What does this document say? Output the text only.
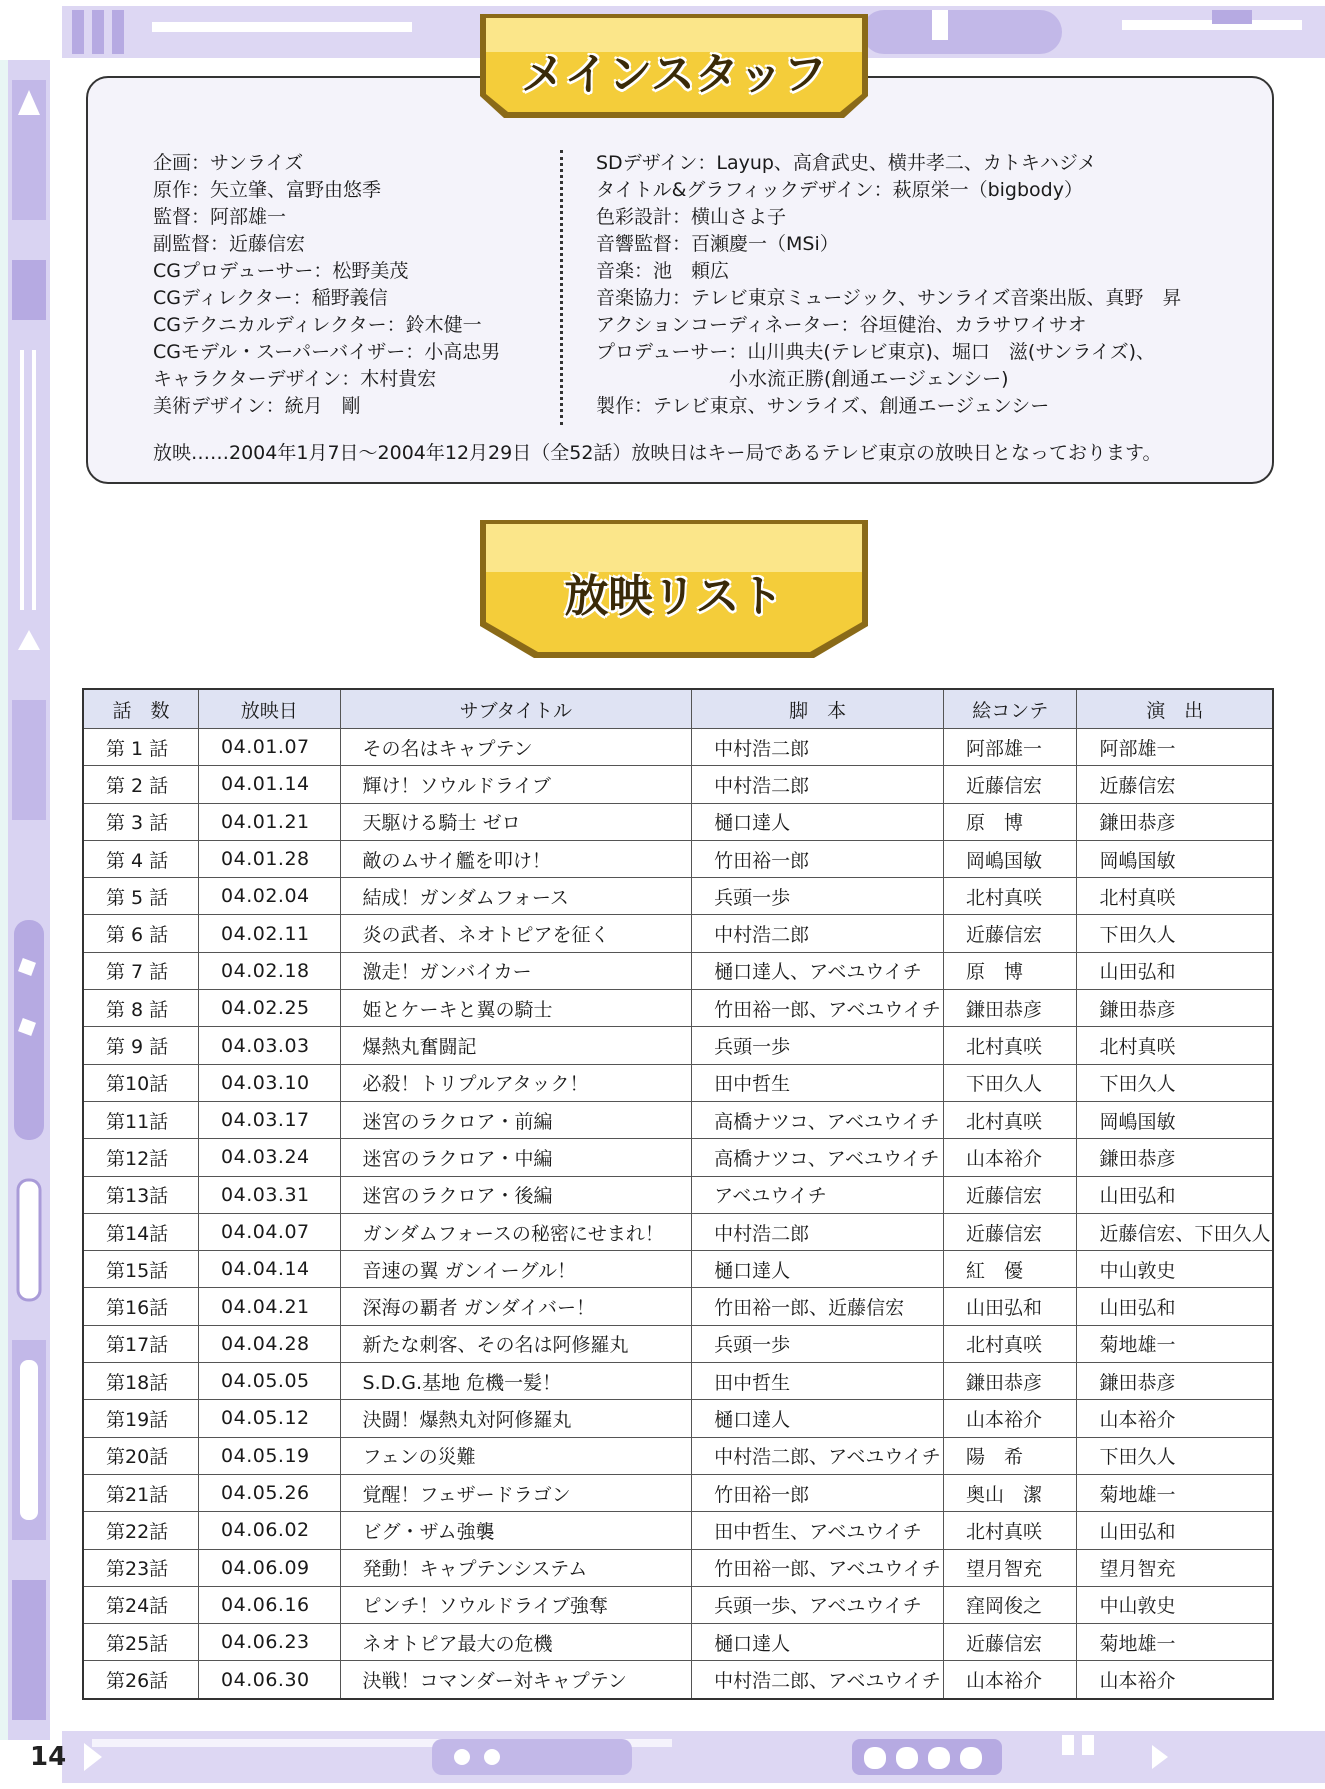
14
メインスタッフ
企画：サンライズ
原作：矢立肇、富野由悠季
監督：阿部雄一
副監督：近藤信宏
CGプロデューサー：松野美茂
CGディレクター：稲野義信
CGテクニカルディレクター：鈴木健一
CGモデル・スーパーバイザー：小高忠男
キャラクターデザイン：木村貴宏
美術デザイン：統月　剛
SDデザイン：Layup、高倉武史、横井孝二、カトキハジメ
タイトル&グラフィックデザイン：萩原栄一（bigbody）
色彩設計：横山さよ子
音響監督：百瀬慶一（MSi）
音楽：池　頼広
音楽協力：テレビ東京ミュージック、サンライズ音楽出版、真野　昇
アクションコーディネーター：谷垣健治、カラサワイサオ
プロデューサー：山川典夫(テレビ東京)、堀口　滋(サンライズ)、
　　　　　　　小水流正勝(創通エージェンシー)
製作：テレビ東京、サンライズ、創通エージェンシー
放映……2004年1月7日～2004年12月29日（全52話）放映日はキー局であるテレビ東京の放映日となっております。
放映リスト
話　数	放映日	サブタイトル	脚　本	絵コンテ	演　出
第 1 話	04.01.07	その名はキャプテン	中村浩二郎	阿部雄一	阿部雄一
第 2 話	04.01.14	輝け！ソウルドライブ	中村浩二郎	近藤信宏	近藤信宏
第 3 話	04.01.21	天駆ける騎士 ゼロ	樋口達人	原　博	鎌田恭彦
第 4 話	04.01.28	敵のムサイ艦を叩け！	竹田裕一郎	岡嶋国敏	岡嶋国敏
第 5 話	04.02.04	結成！ガンダムフォース	兵頭一歩	北村真咲	北村真咲
第 6 話	04.02.11	炎の武者、ネオトピアを征く	中村浩二郎	近藤信宏	下田久人
第 7 話	04.02.18	激走！ガンバイカー	樋口達人、アベユウイチ	原　博	山田弘和
第 8 話	04.02.25	姫とケーキと翼の騎士	竹田裕一郎、アベユウイチ	鎌田恭彦	鎌田恭彦
第 9 話	04.03.03	爆熱丸奮闘記	兵頭一歩	北村真咲	北村真咲
第10話	04.03.10	必殺！トリプルアタック！	田中哲生	下田久人	下田久人
第11話	04.03.17	迷宮のラクロア・前編	高橋ナツコ、アベユウイチ	北村真咲	岡嶋国敏
第12話	04.03.24	迷宮のラクロア・中編	高橋ナツコ、アベユウイチ	山本裕介	鎌田恭彦
第13話	04.03.31	迷宮のラクロア・後編	アベユウイチ	近藤信宏	山田弘和
第14話	04.04.07	ガンダムフォースの秘密にせまれ！	中村浩二郎	近藤信宏	近藤信宏、下田久人
第15話	04.04.14	音速の翼 ガンイーグル！	樋口達人	紅　優	中山敦史
第16話	04.04.21	深海の覇者 ガンダイバー！	竹田裕一郎、近藤信宏	山田弘和	山田弘和
第17話	04.04.28	新たな刺客、その名は阿修羅丸	兵頭一歩	北村真咲	菊地雄一
第18話	04.05.05	S.D.G.基地 危機一髪！	田中哲生	鎌田恭彦	鎌田恭彦
第19話	04.05.12	決闘！爆熱丸対阿修羅丸	樋口達人	山本裕介	山本裕介
第20話	04.05.19	フェンの災難	中村浩二郎、アベユウイチ	陽　希	下田久人
第21話	04.05.26	覚醒！フェザードラゴン	竹田裕一郎	奥山　潔	菊地雄一
第22話	04.06.02	ビグ・ザム強襲	田中哲生、アベユウイチ	北村真咲	山田弘和
第23話	04.06.09	発動！キャプテンシステム	竹田裕一郎、アベユウイチ	望月智充	望月智充
第24話	04.06.16	ピンチ！ソウルドライブ強奪	兵頭一歩、アベユウイチ	窪岡俊之	中山敦史
第25話	04.06.23	ネオトピア最大の危機	樋口達人	近藤信宏	菊地雄一
第26話	04.06.30	決戦！コマンダー対キャプテン	中村浩二郎、アベユウイチ	山本裕介	山本裕介
